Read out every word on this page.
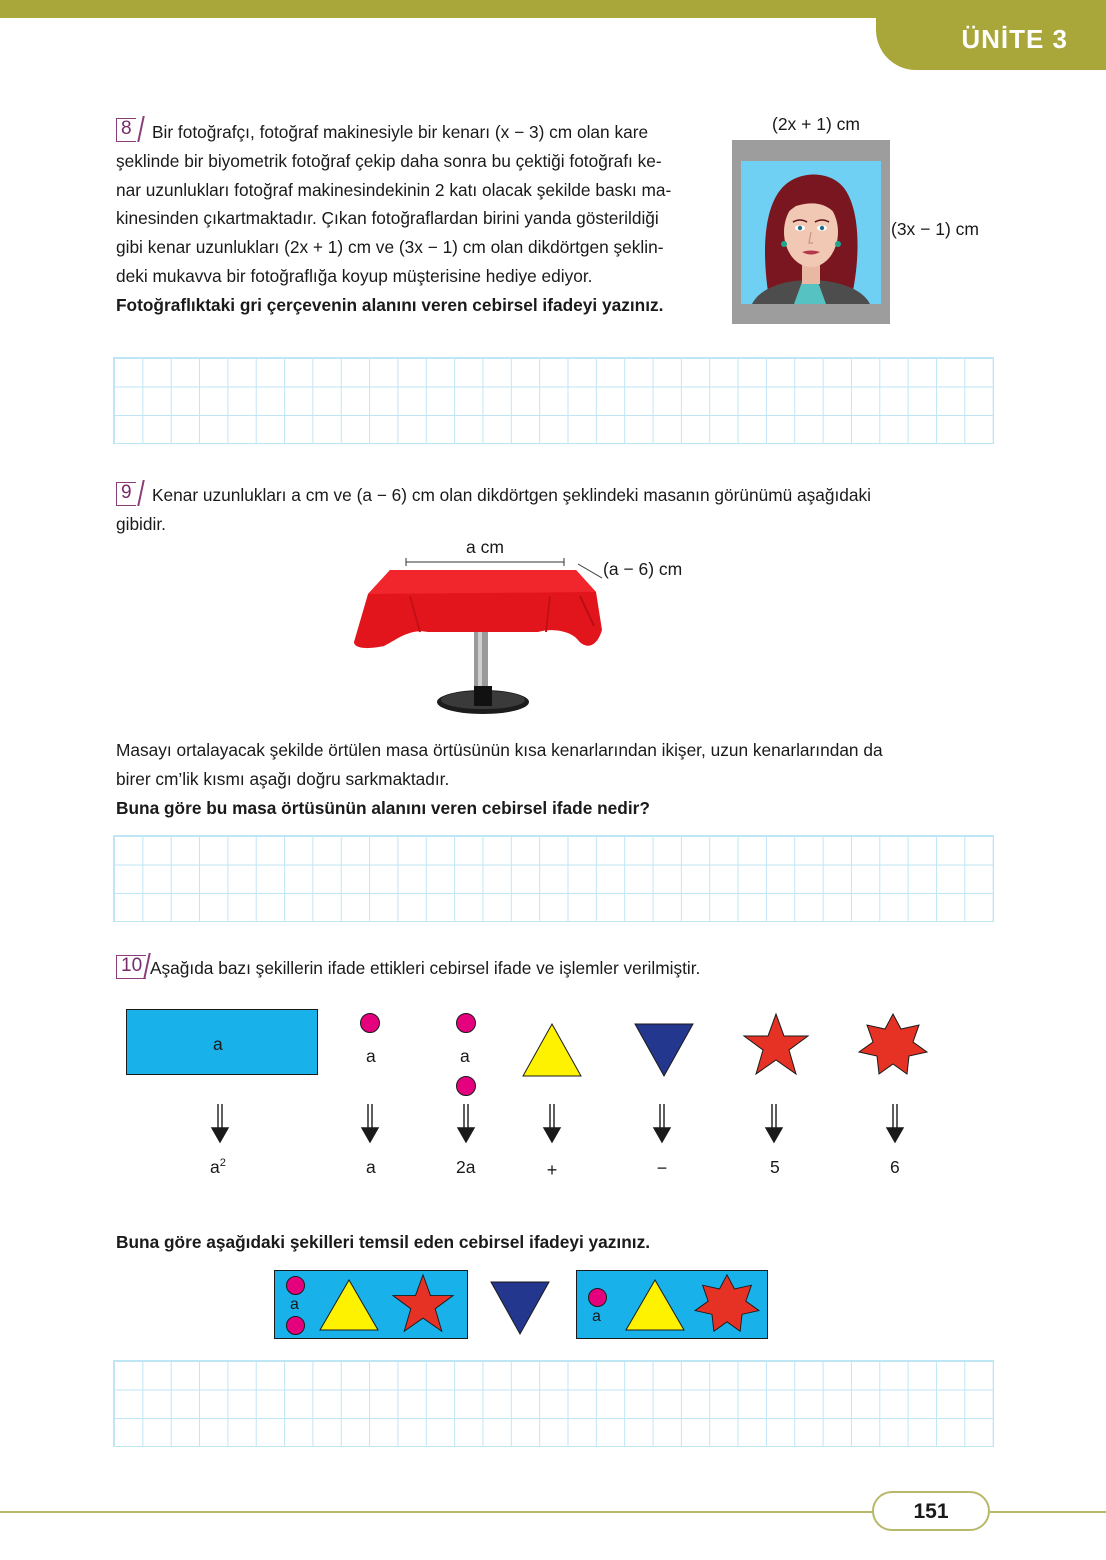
ÜNİTE 3
8	Bir fotoğrafçı, fotoğraf makinesiyle bir kenarı (x − 3) cm olan kare
şeklinde bir biyometrik fotoğraf çekip daha sonra bu çektiği fotoğrafı ke-
nar uzunlukları fotoğraf makinesindekinin 2 katı olacak şekilde baskı ma-
kinesinden çıkartmaktadır. Çıkan fotoğraflardan birini yanda gösterildiği
gibi kenar uzunlukları (2x + 1) cm ve (3x − 1) cm olan dikdörtgen şeklin-
deki mukavva bir fotoğraflığa koyup müşterisine hediye ediyor.
Fotoğraflıktaki gri çerçevenin alanını veren cebirsel ifadeyi yazınız.
(2x + 1) cm
(3x − 1) cm
9	Kenar uzunlukları a cm ve (a − 6) cm olan dikdörtgen şeklindeki masanın görünümü aşağıdaki
gibidir.
a cm
(a − 6) cm
Masayı ortalayacak şekilde örtülen masa örtüsünün kısa kenarlarından ikişer, uzun kenarlarından da
birer cm’lik kısmı aşağı doğru sarkmaktadır.
Buna göre bu masa örtüsünün alanını veren cebirsel ifade nedir?
10 Aşağıda bazı şekillerin ifade ettikleri cebirsel ifade ve işlemler verilmiştir.
a
a	a
$a^2$	a	2a	+	−	5	6
Buna göre aşağıdaki şekilleri temsil eden cebirsel ifadeyi yazınız.
a
a
151
